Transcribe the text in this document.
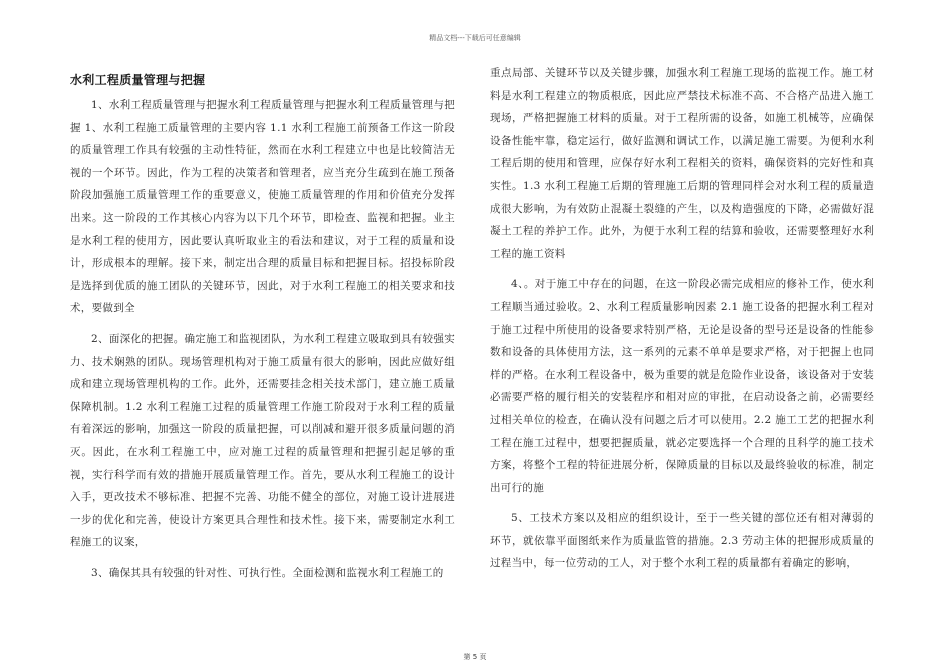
精品文档---下载后可任意编辑
水利工程质量管理与把握

1、水利工程质量管理与把握水利工程质量管理与把握水利工程质量管理与把握 1、水利工程施工质量管理的主要内容 1.1 水利工程施工前预备工作这一阶段的质量管理工作具有较强的主动性特征，然而在水利工程建立中也是比较简洁无视的一个环节。因此，作为工程的决策者和管理者，应当充分生疏到在施工预备阶段加强施工质量管理工作的重要意义，使施工质量管理的作用和价值充分发挥出来。这一阶段的工作其核心内容为以下几个环节，即检查、监视和把握。业主是水利工程的使用方，因此要认真听取业主的看法和建议，对于工程的质量和设计，形成根本的理解。接下来，制定出合理的质量目标和把握目标。招投标阶段是选择到优质的施工团队的关键环节，因此，对于水利工程施工的相关要求和技术，要做到全

2、面深化的把握。确定施工和监视团队，为水利工程建立吸取到具有较强实力、技术娴熟的团队。现场管理机构对于施工质量有很大的影响，因此应做好组成和建立现场管理机构的工作。此外，还需要挂念相关技术部门，建立施工质量保障机制。1.2 水利工程施工过程的质量管理工作施工阶段对于水利工程的质量有着深远的影响，加强这一阶段的质量把握，可以削减和避开很多质量问题的消灭。因此，在水利工程施工中，应对施工过程的质量管理和把握引起足够的重视，实行科学而有效的措施开展质量管理工作。首先，要从水利工程施工的设计入手，更改技术不够标准、把握不完善、功能不健全的部位，对施工设计进展进一步的优化和完善，使设计方案更具合理性和技术性。接下来，需要制定水利工程施工的议案，

3、确保其具有较强的针对性、可执行性。全面检测和监视水利工程施工的

重点局部、关键环节以及关键步骤，加强水利工程施工现场的监视工作。施工材料是水利工程建立的物质根底，因此应严禁技术标准不高、不合格产品进入施工现场，严格把握施工材料的质量。对于工程所需的设备，如施工机械等，应确保设备性能牢靠，稳定运行，做好监测和调试工作，以满足施工需要。为便利水利工程后期的使用和管理，应保存好水利工程相关的资料，确保资料的完好性和真实性。1.3 水利工程施工后期的管理施工后期的管理同样会对水利工程的质量造成很大影响，为有效防止混凝土裂缝的产生，以及构造强度的下降，必需做好混凝土工程的养护工作。此外，为便于水利工程的结算和验收，还需要整理好水利工程的施工资料

4、。对于施工中存在的问题，在这一阶段必需完成相应的修补工作，使水利工程顺当通过验收。2、水利工程质量影响因素 2.1 施工设备的把握水利工程对于施工过程中所使用的设备要求特别严格，无论是设备的型号还是设备的性能参数和设备的具体使用方法，这一系列的元素不单单是要求严格，对于把握上也同样的严格。在水利工程设备中，极为重要的就是危险作业设备，该设备对于安装必需要严格的履行相关的安装程序和相对应的审批，在启动设备之前，必需要经过相关单位的检查，在确认没有问题之后才可以使用。2.2 施工工艺的把握水利工程在施工过程中，想要把握质量，就必定要选择一个合理的且科学的施工技术方案，将整个工程的特征进展分析，保障质量的目标以及最终验收的标准，制定出可行的施

5、工技术方案以及相应的组织设计，至于一些关键的部位还有相对薄弱的环节，就依靠平面图纸来作为质量监管的措施。2.3 劳动主体的把握形成质量的过程当中，每一位劳动的工人，对于整个水利工程的质量都有着确定的影响，

第 5 页
